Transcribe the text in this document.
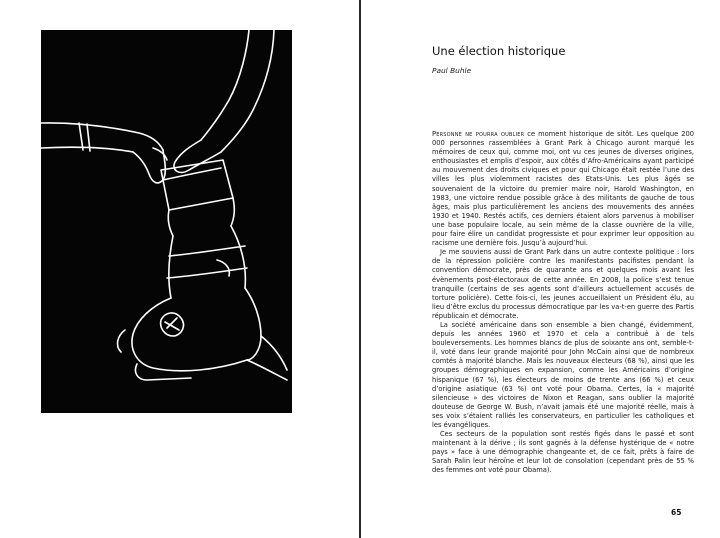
Une élection historique
Paul Buhle

Personne ne pourra oublier ce moment historique de sitôt. Les quelque 200 000 personnes rassemblées à Grant Park à Chicago auront marqué les mémoires de ceux qui, comme moi, ont vu ces jeunes de diverses origines, enthousiastes et emplis d’espoir, aux côtés d’Afro-Américains ayant participé au mouvement des droits civiques et pour qui Chicago était restée l’une des villes les plus violemment racistes des Etats-Unis. Les plus âgés se souvenaient de la victoire du premier maire noir, Harold Washington, en 1983, une victoire rendue possible grâce à des militants de gauche de tous âges, mais plus particulièrement les anciens des mouvements des années 1930 et 1940. Restés actifs, ces derniers étaient alors parvenus à mobiliser une base populaire locale, au sein même de la classe ouvrière de la ville, pour faire élire un candidat progressiste et pour exprimer leur opposition au racisme une dernière fois. Jusqu’à aujourd’hui.

Je me souviens aussi de Grant Park dans un autre contexte politique : lors de la répression policière contre les manifestants pacifistes pendant la convention démocrate, près de quarante ans et quelques mois avant les évènements post-électoraux de cette année. En 2008, la police s’est tenue tranquille (certains de ses agents sont d’ailleurs actuellement accusés de torture policière). Cette fois-ci, les jeunes accueillaient un Président élu, au lieu d’être exclus du processus démocratique par les va-t-en guerre des Partis républicain et démocrate.

La société américaine dans son ensemble a bien changé, évidemment, depuis les années 1960 et 1970 et cela a contribué à de tels bouleversements. Les hommes blancs de plus de soixante ans ont, semble-t-il, voté dans leur grande majorité pour John McCain ainsi que de nombreux comtés à majorité blanche. Mais les nouveaux électeurs (68 %), ainsi que les groupes démographiques en expansion, comme les Américains d’origine hispanique (67 %), les électeurs de moins de trente ans (66 %) et ceux d’origine asiatique (63 %) ont voté pour Obama. Certes, la « majorité silencieuse » des victoires de Nixon et Reagan, sans oublier la majorité douteuse de George W. Bush, n’avait jamais été une majorité réelle, mais à ses voix s’étaient ralliés les conservateurs, en particulier les catholiques et les évangéliques.

Ces secteurs de la population sont restés figés dans le passé et sont maintenant à la dérive ; ils sont gagnés à la défense hystérique de « notre pays » face à une démographie changeante et, de ce fait, prêts à faire de Sarah Palin leur héroïne et leur lot de consolation (cependant près de 55 % des femmes ont voté pour Obama).

65
